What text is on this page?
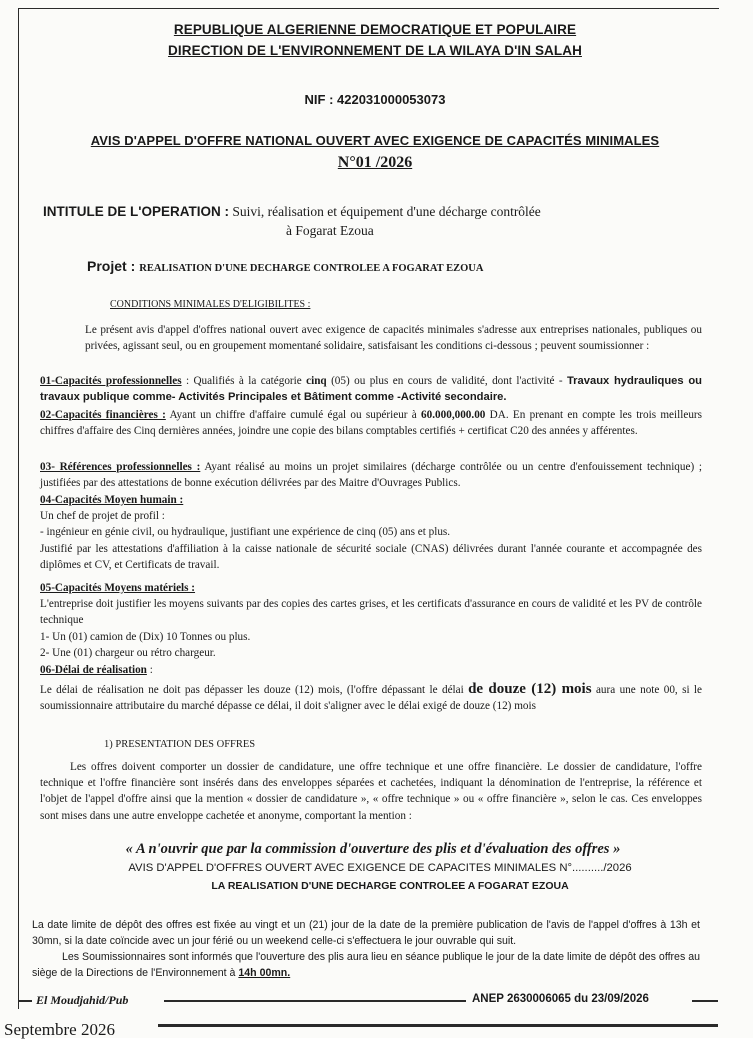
REPUBLIQUE ALGERIENNE DEMOCRATIQUE ET POPULAIRE
DIRECTION DE L'ENVIRONNEMENT DE LA WILAYA D'IN SALAH
NIF : 422031000053073
AVIS D'APPEL D'OFFRE NATIONAL OUVERT AVEC EXIGENCE DE CAPACITÉS MINIMALES
N°01 /2026
INTITULE DE L'OPERATION : Suivi, réalisation et équipement d'une décharge contrôlée
à Fogarat Ezoua
Projet : REALISATION D'UNE DECHARGE CONTROLEE A FOGARAT EZOUA
CONDITIONS MINIMALES D'ELIGIBILITES :
Le présent avis d'appel d'offres national ouvert avec exigence de capacités minimales s'adresse aux entreprises nationales, publiques ou privées, agissant seul, ou en groupement momentané solidaire, satisfaisant les conditions ci-dessous ; peuvent soumissionner :
01-Capacités professionnelles : Qualifiés à la catégorie cinq (05) ou plus en cours de validité, dont l'activité - Travaux hydrauliques ou travaux publique comme- Activités Principales et Bâtiment comme -Activité secondaire.
02-Capacités financières : Ayant un chiffre d'affaire cumulé égal ou supérieur à 60.000,000.00 DA. En prenant en compte les trois meilleurs chiffres d'affaire des Cinq dernières années, joindre une copie des bilans comptables certifiés + certificat C20 des années y afférentes.
03- Références professionnelles : Ayant réalisé au moins un projet similaires (décharge contrôlée ou un centre d'enfouissement technique) ; justifiées par des attestations de bonne exécution délivrées par des Maitre d'Ouvrages Publics.
04-Capacités Moyen humain :
Un chef de projet de profil :
- ingénieur en génie civil, ou hydraulique, justifiant une expérience de cinq (05) ans et plus.
Justifié par les attestations d'affiliation à la caisse nationale de sécurité sociale (CNAS) délivrées durant l'année courante et accompagnée des diplômes et CV, et Certificats de travail.
05-Capacités Moyens matériels :
L'entreprise doit justifier les moyens suivants par des copies des cartes grises, et les certificats d'assurance en cours de validité et les PV de contrôle technique
1- Un (01) camion de (Dix) 10 Tonnes ou plus.
2- Une (01) chargeur ou rétro chargeur.
06-Délai de réalisation :
Le délai de réalisation ne doit pas dépasser les douze (12) mois, (l'offre dépassant le délai de douze (12) mois aura une note 00, si le soumissionnaire attributaire du marché dépasse ce délai, il doit s'aligner avec le délai exigé de douze (12) mois
1) PRESENTATION DES OFFRES
Les offres doivent comporter un dossier de candidature, une offre technique et une offre financière. Le dossier de candidature, l'offre technique et l'offre financière sont insérés dans des enveloppes séparées et cachetées, indiquant la dénomination de l'entreprise, la référence et l'objet de l'appel d'offre ainsi que la mention « dossier de candidature », « offre technique » ou « offre financière », selon le cas. Ces enveloppes sont mises dans une autre enveloppe cachetée et anonyme, comportant la mention :
« A n'ouvrir que par la commission d'ouverture des plis et d'évaluation des offres »
AVIS D'APPEL D'OFFRES OUVERT AVEC EXIGENCE DE CAPACITES MINIMALES N°........../2026
LA REALISATION D'UNE DECHARGE CONTROLEE A FOGARAT EZOUA
La date limite de dépôt des offres est fixée au vingt et un (21) jour de la date de la première publication de l'avis de l'appel d'offres à 13h et 30mn, si la date coïncide avec un jour férié ou un weekend celle-ci s'effectuera le jour ouvrable qui suit.
Les Soumissionnaires sont informés que l'ouverture des plis aura lieu en séance publique le jour de la date limite de dépôt des offres au siège de la Directions de l'Environnement à 14h 00mn.
El Moudjahid/Pub	ANEP 2630006065 du 23/09/2026
Septembre 2026
